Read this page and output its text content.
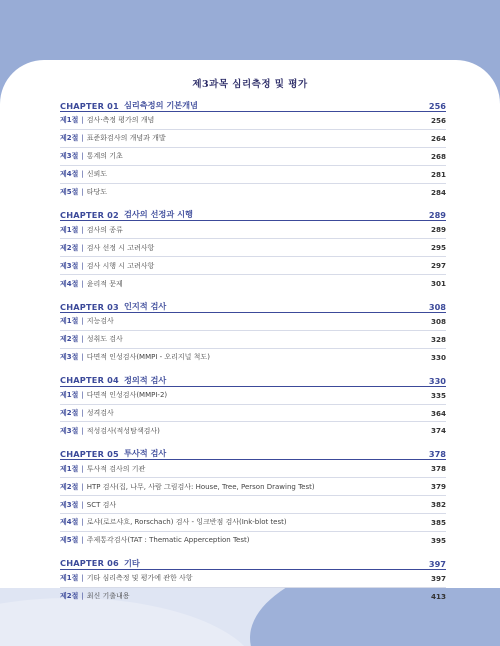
제3과목 심리측정 및 평가
CHAPTER 01 심리측정의 기본개념	256
제1절 | 검사·측정 평가의 개념	256
제2절 | 표준화검사의 개념과 개발	264
제3절 | 통계의 기초	268
제4절 | 신뢰도	281
제5절 | 타당도	284
CHAPTER 02 검사의 선정과 시행	289
제1절 | 검사의 종류	289
제2절 | 검사 선정 시 고려사항	295
제3절 | 검사 시행 시 고려사항	297
제4절 | 윤리적 문제	301
CHAPTER 03 인지적 검사	308
제1절 | 지능검사	308
제2절 | 성취도 검사	328
제3절 | 다면적 인성검사(MMPI - 오리지널 척도)	330
CHAPTER 04 정의적 검사	330
제1절 | 다면적 인성검사(MMPI-2)	335
제2절 | 성격검사	364
제3절 | 적성검사(적성탐색검사)	374
CHAPTER 05 투사적 검사	378
제1절 | 투사적 검사의 기관	378
제2절 | HTP 검사(집, 나무, 사람 그림검사: House, Tree, Person Drawing Test)	379
제3절 | SCT 검사	382
제4절 | 로샤(로르샤흐, Rorschach) 검사 - 잉크반점 검사(Ink-blot test)	385
제5절 | 주제통각검사(TAT : Thematic Apperception Test)	395
CHAPTER 06 기타	397
제1절 | 기타 심리측정 및 평가에 관한 사항	397
제2절 | 최신 기출내용	413
